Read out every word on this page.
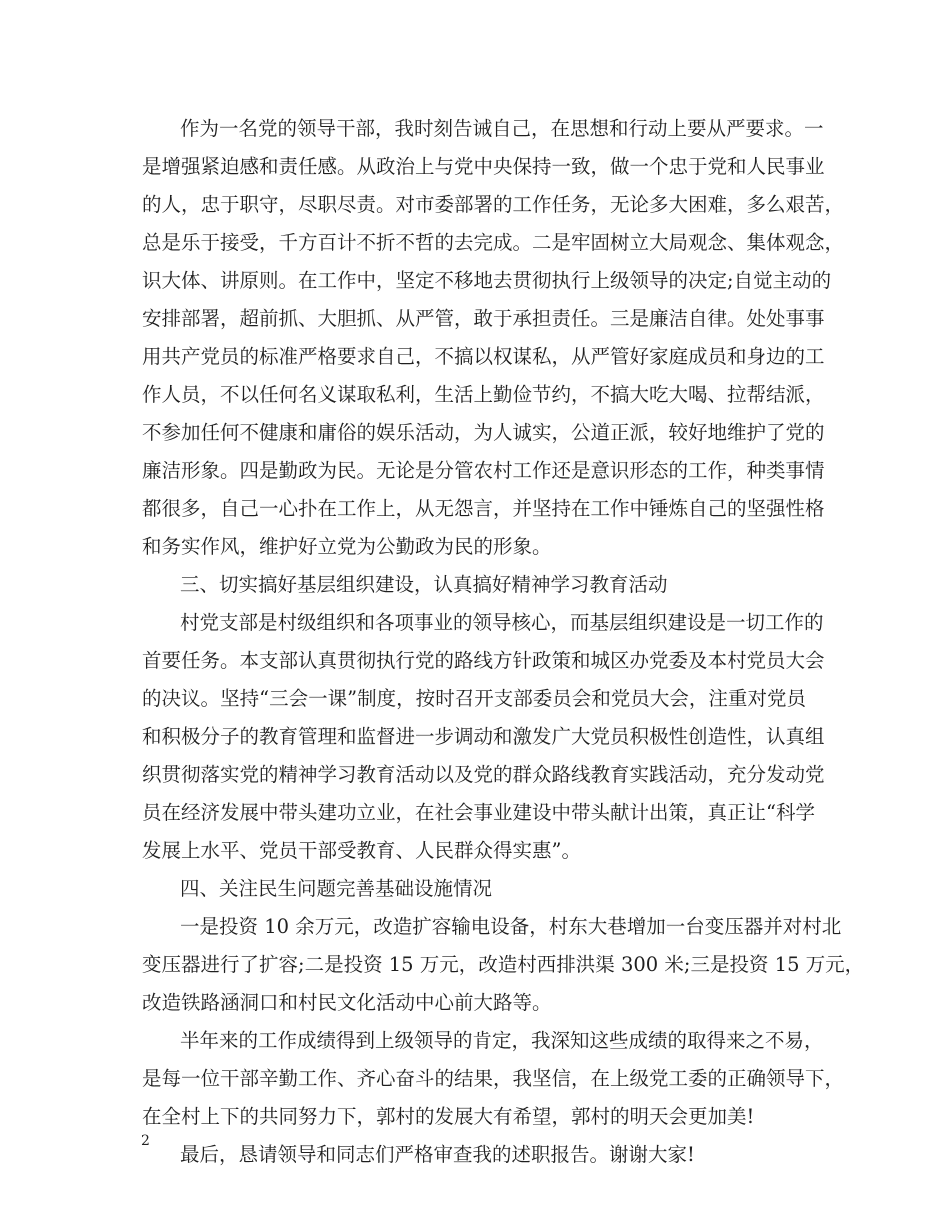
作为一名党的领导干部，我时刻告诫自己，在思想和行动上要从严要求。一
是增强紧迫感和责任感。从政治上与党中央保持一致，做一个忠于党和人民事业
的人，忠于职守，尽职尽责。对市委部署的工作任务，无论多大困难，多么艰苦，
总是乐于接受，千方百计不折不哲的去完成。二是牢固树立大局观念、集体观念，
识大体、讲原则。在工作中，坚定不移地去贯彻执行上级领导的决定;自觉主动的
安排部署，超前抓、大胆抓、从严管，敢于承担责任。三是廉洁自律。处处事事
用共产党员的标准严格要求自己，不搞以权谋私，从严管好家庭成员和身边的工
作人员，不以任何名义谋取私利，生活上勤俭节约，不搞大吃大喝、拉帮结派，
不参加任何不健康和庸俗的娱乐活动，为人诚实，公道正派，较好地维护了党的
廉洁形象。四是勤政为民。无论是分管农村工作还是意识形态的工作，种类事情
都很多，自己一心扑在工作上，从无怨言，并坚持在工作中锤炼自己的坚强性格
和务实作风，维护好立党为公勤政为民的形象。
三、切实搞好基层组织建设，认真搞好精神学习教育活动
村党支部是村级组织和各项事业的领导核心，而基层组织建设是一切工作的
首要任务。本支部认真贯彻执行党的路线方针政策和城区办党委及本村党员大会
的决议。坚持“三会一课”制度，按时召开支部委员会和党员大会，注重对党员
和积极分子的教育管理和监督进一步调动和激发广大党员积极性创造性，认真组
织贯彻落实党的精神学习教育活动以及党的群众路线教育实践活动，充分发动党
员在经济发展中带头建功立业，在社会事业建设中带头献计出策，真正让“科学
发展上水平、党员干部受教育、人民群众得实惠”。
四、关注民生问题完善基础设施情况
一是投资 10 余万元，改造扩容输电设备，村东大巷增加一台变压器并对村北
变压器进行了扩容;二是投资 15 万元，改造村西排洪渠 300 米;三是投资 15 万元，
改造铁路涵洞口和村民文化活动中心前大路等。
半年来的工作成绩得到上级领导的肯定，我深知这些成绩的取得来之不易，
是每一位干部辛勤工作、齐心奋斗的结果，我坚信，在上级党工委的正确领导下，
在全村上下的共同努力下，郭村的发展大有希望，郭村的明天会更加美!
最后，恳请领导和同志们严格审查我的述职报告。谢谢大家!
2
